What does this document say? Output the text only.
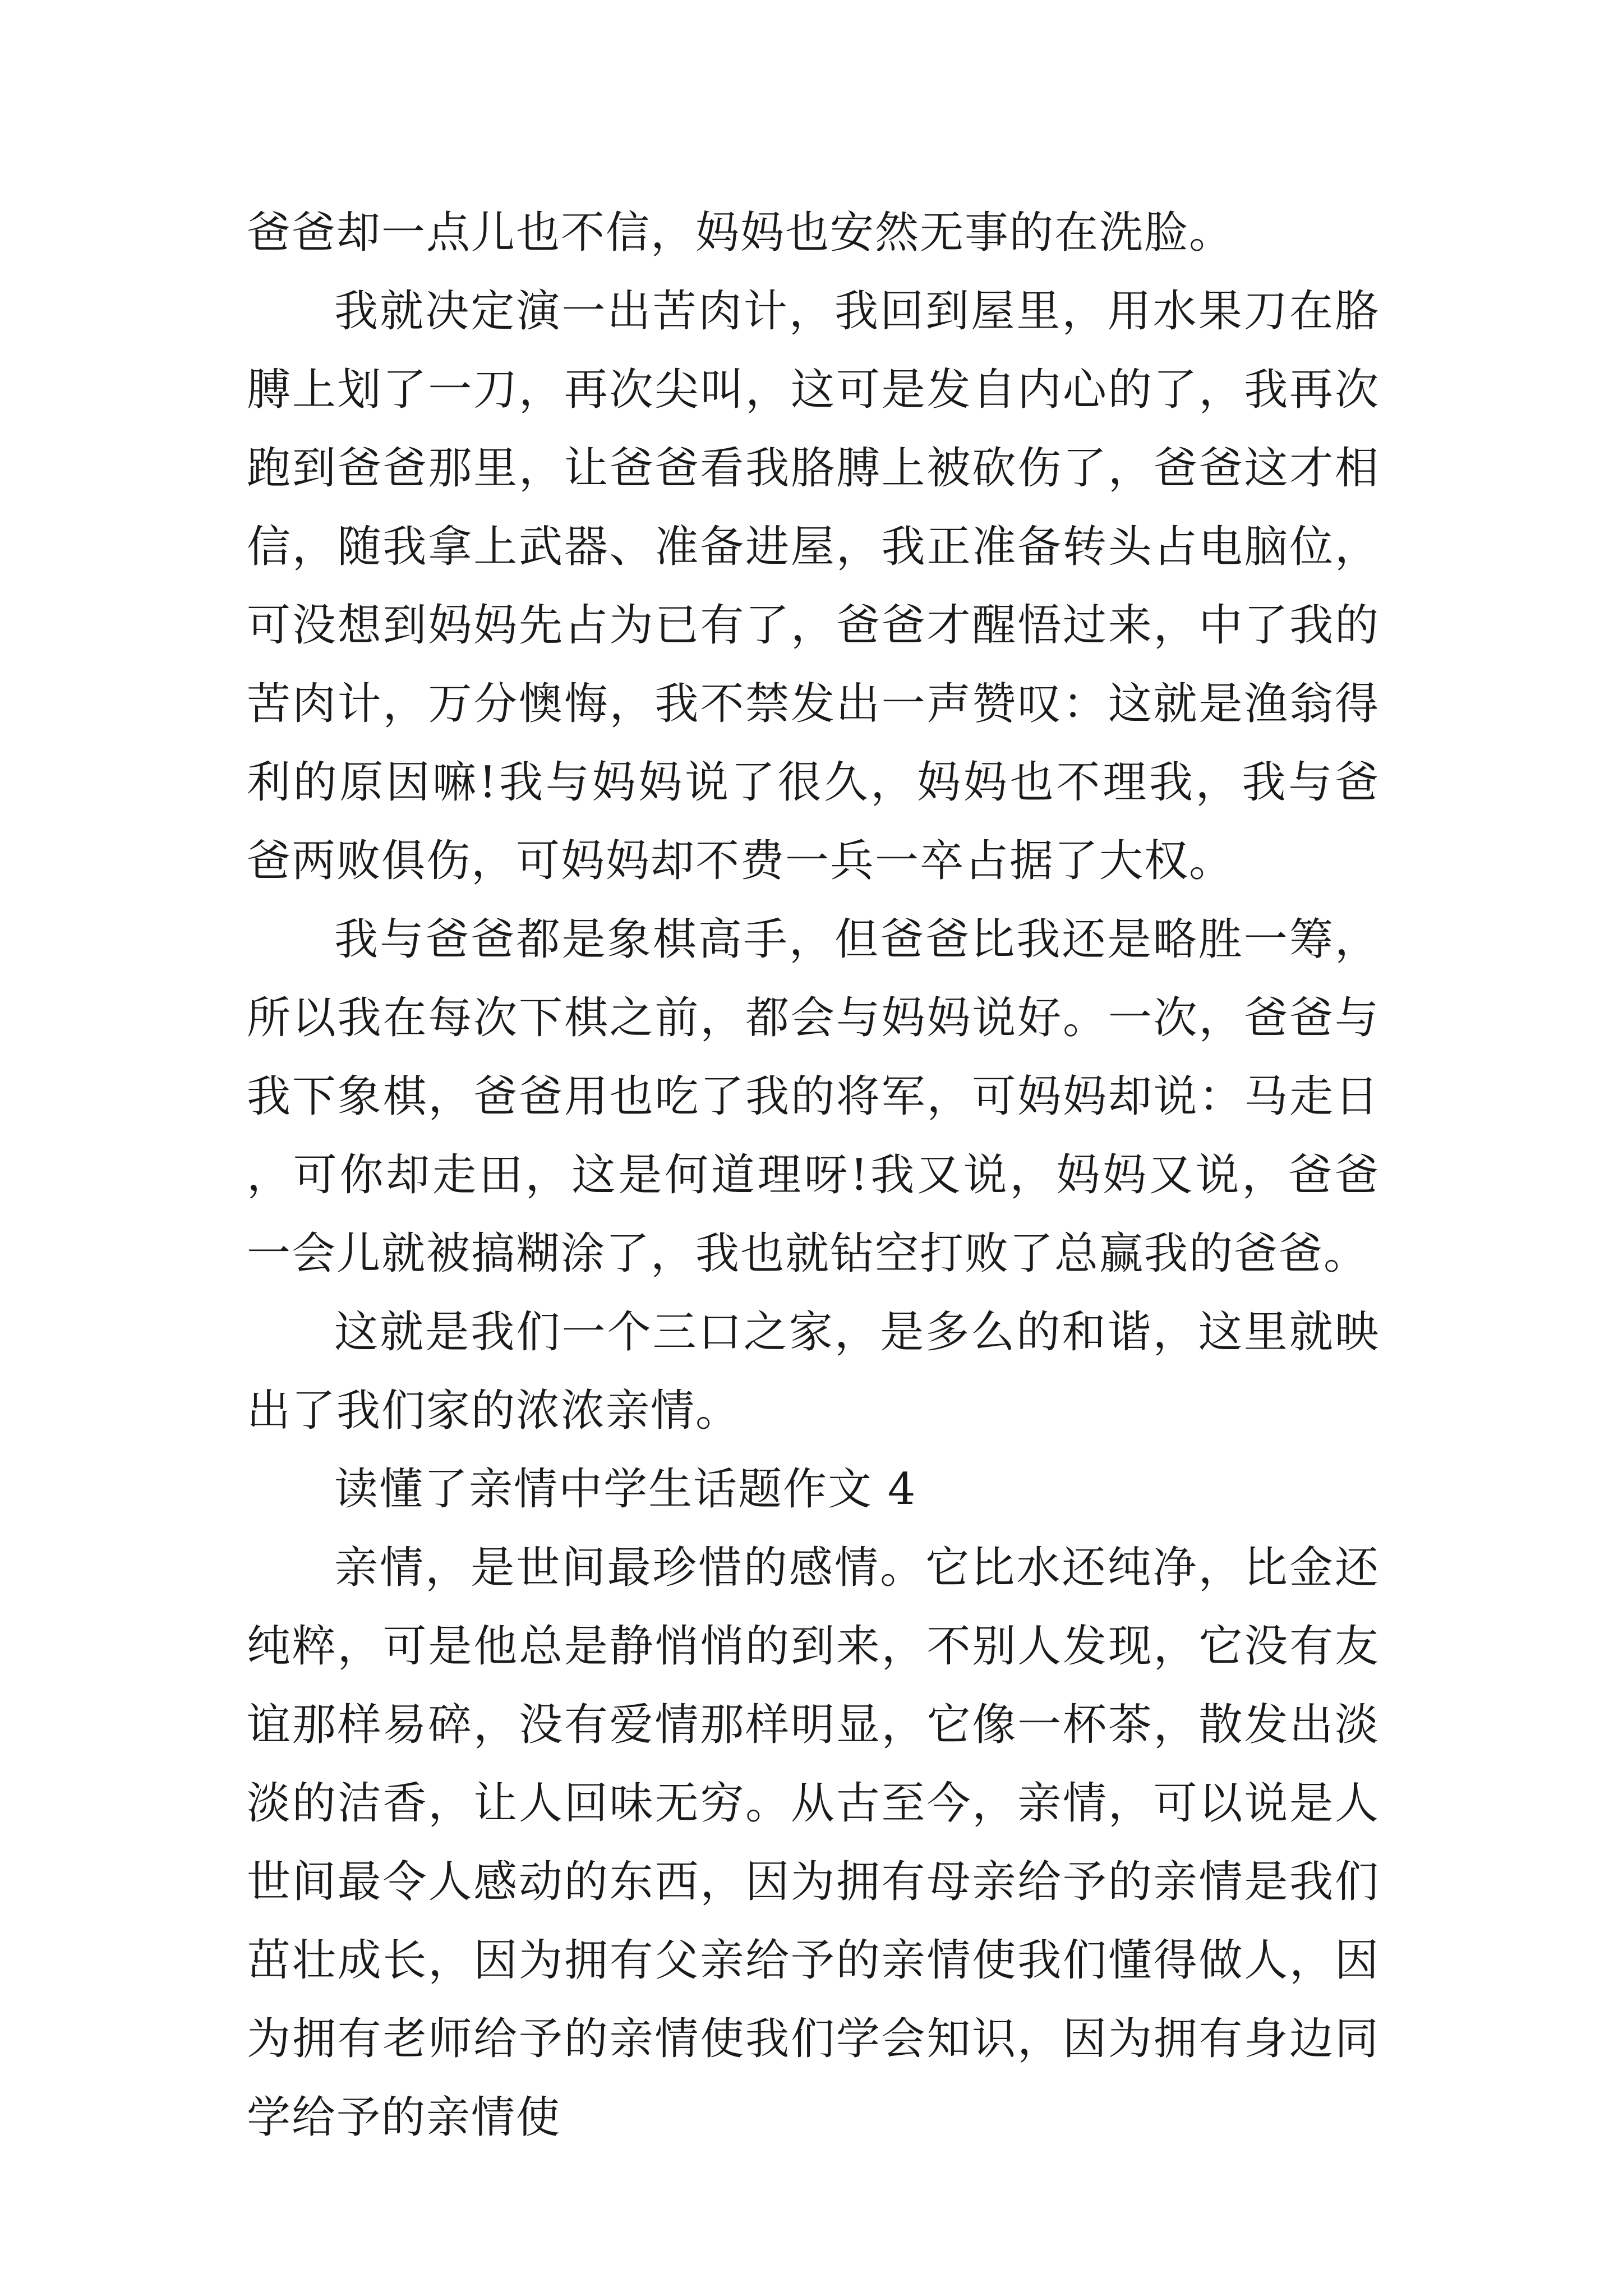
爸爸却一点儿也不信，妈妈也安然无事的在洗脸。

我就决定演一出苦肉计，我回到屋里，用水果刀在胳膊上划了一刀，再次尖叫，这可是发自内心的了，我再次跑到爸爸那里，让爸爸看我胳膊上被砍伤了，爸爸这才相信，随我拿上武器、准备进屋，我正准备转头占电脑位，可没想到妈妈先占为已有了，爸爸才醒悟过来，中了我的苦肉计，万分懊悔，我不禁发出一声赞叹：这就是渔翁得利的原因嘛!我与妈妈说了很久，妈妈也不理我，我与爸爸两败俱伤，可妈妈却不费一兵一卒占据了大权。

我与爸爸都是象棋高手，但爸爸比我还是略胜一筹，所以我在每次下棋之前，都会与妈妈说好。一次，爸爸与我下象棋，爸爸用也吃了我的将军，可妈妈却说：马走日，可你却走田，这是何道理呀!我又说，妈妈又说，爸爸一会儿就被搞糊涂了，我也就钻空打败了总赢我的爸爸。

这就是我们一个三口之家，是多么的和谐，这里就映出了我们家的浓浓亲情。

读懂了亲情中学生话题作文 4

亲情，是世间最珍惜的感情。它比水还纯净，比金还纯粹，可是他总是静悄悄的到来，不别人发现，它没有友谊那样易碎，没有爱情那样明显，它像一杯茶，散发出淡淡的洁香，让人回味无穷。从古至今，亲情，可以说是人世间最令人感动的东西，因为拥有母亲给予的亲情是我们茁壮成长，因为拥有父亲给予的亲情使我们懂得做人，因为拥有老师给予的亲情使我们学会知识，因为拥有身边同学给予的亲情使
